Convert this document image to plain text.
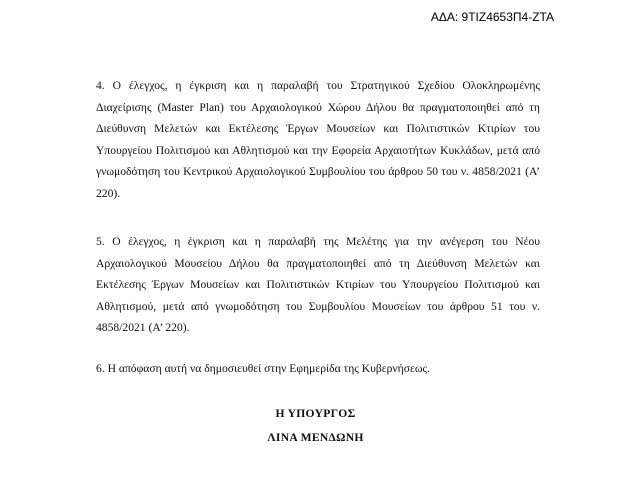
ΑΔΑ: 9ΤΙΖ4653Π4-ΖΤΑ

4. Ο έλεγχος, η έγκριση και η παραλαβή του Στρατηγικού Σχεδίου Ολοκληρωμένης Διαχείρισης (Master Plan) του Αρχαιολογικού Χώρου Δήλου θα πραγματοποιηθεί από τη Διεύθυνση Μελετών και Εκτέλεσης Έργων Μουσείων και Πολιτιστικών Κτιρίων του Υπουργείου Πολιτισμού και Αθλητισμού και την Εφορεία Αρχαιοτήτων Κυκλάδων, μετά από γνωμοδότηση του Κεντρικού Αρχαιολογικού Συμβουλίου του άρθρου 50 του ν. 4858/2021 (Α’ 220).

5. Ο έλεγχος, η έγκριση και η παραλαβή της Μελέτης για την ανέγερση του Νέου Αρχαιολογικού Μουσείου Δήλου θα πραγματοποιηθεί από τη Διεύθυνση Μελετών και Εκτέλεσης Έργων Μουσείων και Πολιτιστικών Κτιρίων του Υπουργείου Πολιτισμού και Αθλητισμού, μετά από γνωμοδότηση του Συμβουλίου Μουσείων του άρθρου 51 του ν. 4858/2021 (Α’ 220).

6. Η απόφαση αυτή να δημοσιευθεί στην Εφημερίδα της Κυβερνήσεως.

Η ΥΠΟΥΡΓΟΣ
ΛΙΝΑ ΜΕΝΔΩΝΗ
